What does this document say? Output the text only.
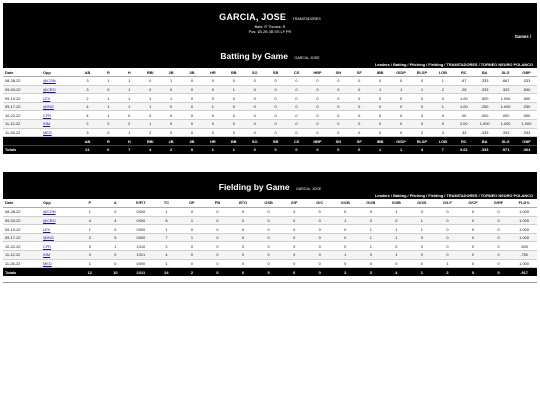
GARCIA, JOSE TRAMITADORES
Bats: R Throws: R
Pos: 1B 2B 3B SS LF PR
Games /
Batting by Game GARCIA, JOSE
Leaders / Batting / Pitching / Fielding / TRAMITADORES / TORNEO NEURO POLANCO
Date	Opp	AB	R	H	RBI	2B	3B	HR	BB	SO	SB	CS	HBP	SH	SF	IBB	GIDP	RLSP	LOB	RC	BA	SLG	OBP
08-28-22	@CON	3	1	1	0	1	0	0	0	0	0	0	0	0	0	0	0	0	1	.67	.333	.667	.333
09-03-22	@CRO	3	0	1	0	0	0	0	1	0	0	0	0	0	0	1	1	1	2	.25	.333	.333	.500
09-10-22	LEV	2	1	1	1	1	0	0	0	0	0	0	0	0	0	0	0	0	0	1.00	.500	1.000	.500
09-17-22	@ING	4	1	1	1	0	0	1	0	0	0	0	0	0	0	0	0	0	1	1.00	.250	1.000	.250
10-22-22	CFR	4	1	0	0	0	0	0	0	0	0	0	0	0	0	0	0	0	0	.00	.000	.000	.000
11-12-22	INM	2	2	2	1	0	0	0	0	0	0	0	0	0	0	0	0	0	0	2.00	1.000	1.000	1.000
11-26-22	MED	3	0	1	2	0	0	0	0	0	0	0	0	0	0	0	0	2	3	.33	.333	.333	.333
		AB	R	H	RBI	2B	3B	HR	BB	SO	SB	CS	HBP	SH	SF	IBB	GIDP	RLSP	LOB	RC	BA	SLG	OBP
Totals		21	6	7	4	2	0	1	1	0	0	0	0	0	0	1	1	4	7	3.62	.333	.571	.364
Fielding by Game GARCIA, JOSE
Leaders / Batting / Pitching / Fielding / TRAMITADORES / TORNEO NEURO POLANCO
Date	Opp	P	A	E/F/T	TC	DP	PB	BTO	OSB	G/P	G/C	G/1B	G/2B	G/3B	G/SS	G/LF	G/CF	G/RF	FLD%
08-28-22	@CON	1	0	0/0/0	1	0	0	0	0	0	0	0	0	1	0	0	0	0	1.000
09-03-22	@CRO	4	4	0/0/0	8	1	0	0	0	0	0	1	0	0	1	0	0	0	1.000
09-10-22	LEV	1	0	0/0/0	1	0	0	0	0	0	0	0	1	1	1	0	0	0	1.000
09-17-22	@ING	2	5	0/0/0	7	1	0	0	0	0	0	0	1	1	0	0	0	0	1.000
10-22-22	CFR	0	1	1/1/0	2	0	0	0	0	0	0	0	1	0	0	0	0	0	.500
11-12-22	INM	3	0	1/0/1	4	0	0	0	0	0	0	1	0	1	0	0	0	0	.750
11-26-22	MED	1	0	0/0/0	1	0	0	0	0	0	0	0	0	0	0	1	0	0	1.000
Totals		12	10	2/1/1	24	2	0	0	0	0	0	2	3	4	1	2	0	0	.917
